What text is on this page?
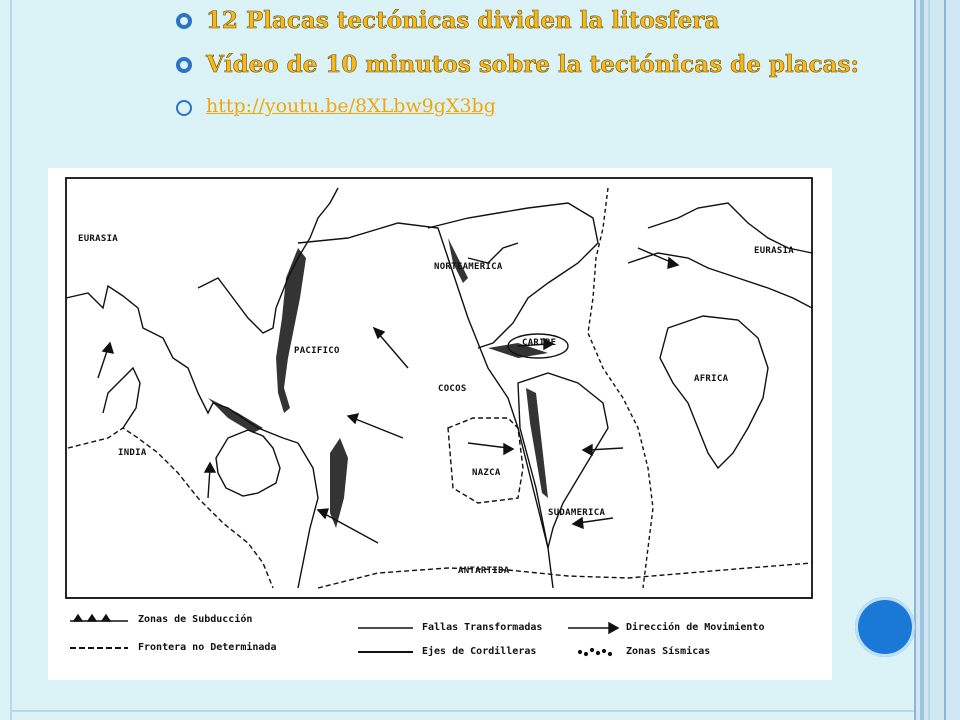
12 Placas tectónicas dividen la litosfera
Vídeo de 10 minutos sobre la tectónicas de placas:
http://youtu.be/8XLbw9gX3bg
EURASIA
EURASIA
NORTEAMERICA
PACIFICO
CARIBE
COCOS
AFRICA
INDIA
NAZCA
SUDAMERICA
ANTARTIDA
Zonas de Subducción
Frontera no Determinada
Fallas Transformadas
Ejes de Cordilleras
Dirección de Movimiento
Zonas Sísmicas
